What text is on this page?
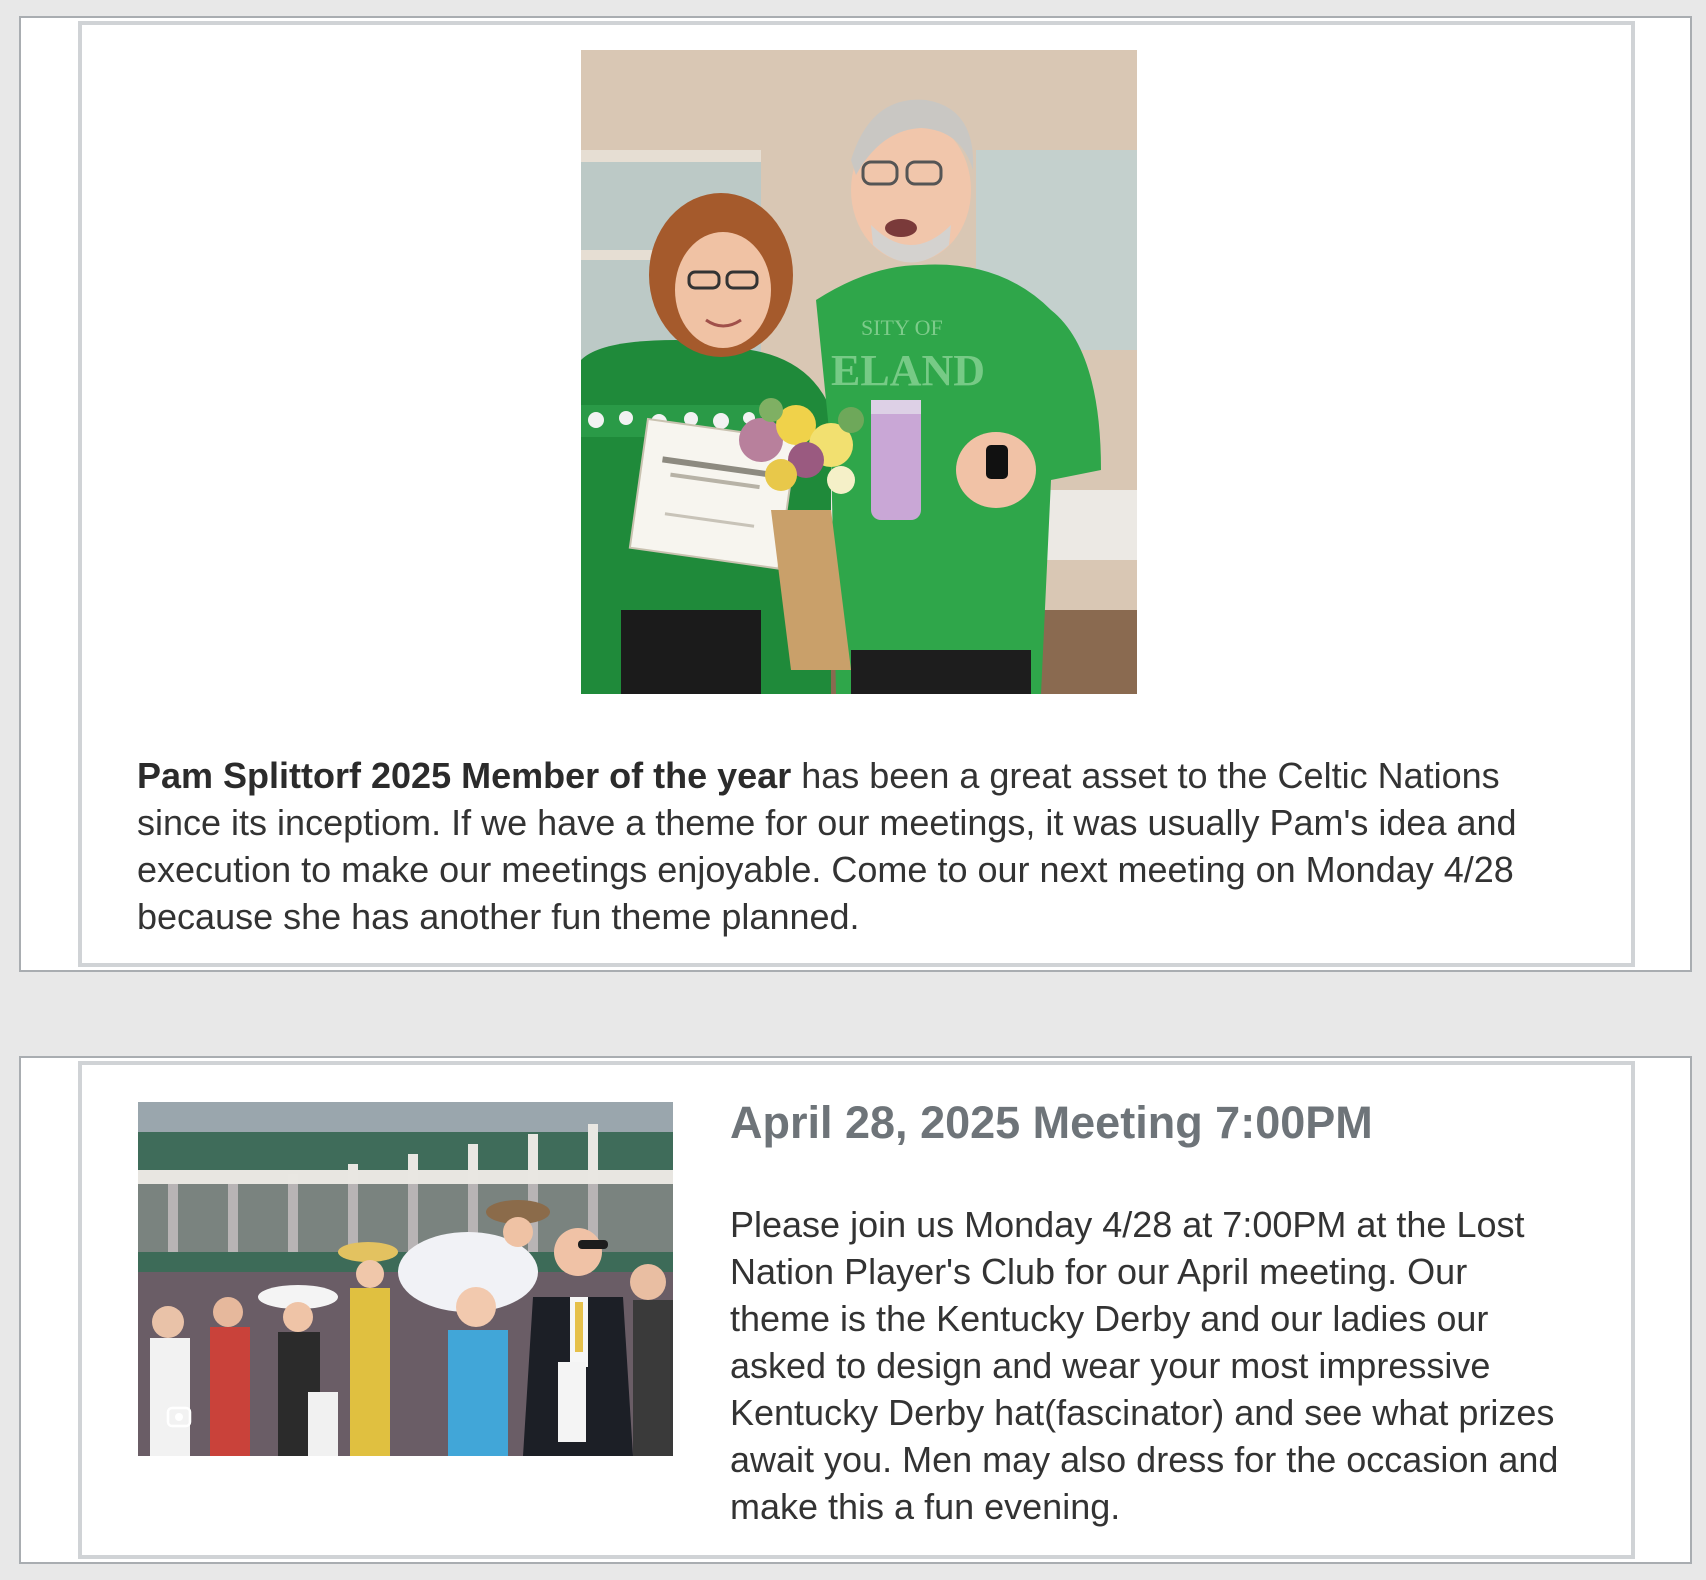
ELAND
SITY OF

Pam Splittorf 2025 Member of the year has been a great asset to the Celtic Nations since its inceptiom. If we have a theme for our meetings, it was usually Pam's idea and execution to make our meetings enjoyable. Come to our next meeting on Monday 4/28 because she has another fun theme planned.

April 28, 2025 Meeting 7:00PM

Please join us Monday 4/28 at 7:00PM at the Lost Nation Player's Club for our April meeting. Our theme is the Kentucky Derby and our ladies our asked to design and wear your most impressive Kentucky Derby hat(fascinator) and see what prizes await you. Men may also dress for the occasion and make this a fun evening.
